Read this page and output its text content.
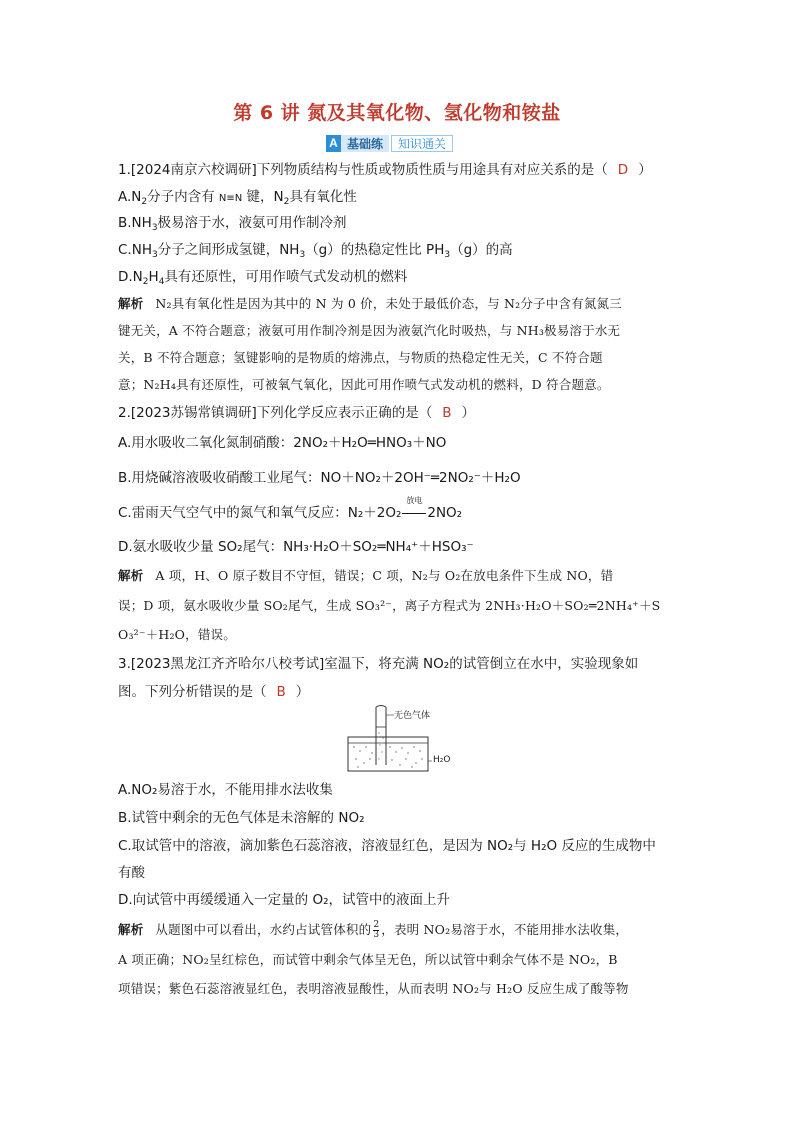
第 6 讲 氮及其氧化物、氢化物和铵盐
A 基础练	知识通关
1.[2024南京六校调研]下列物质结构与性质或物质性质与用途具有对应关系的是（ D ）
$A.N_2$分子内含有 N≡N 键，$N_2$具有氧化性
$B.NH_3$极易溶于水，液氨可用作制冷剂
$C.NH_3$分子之间形成氢键，$NH_3(g)$的热稳定性比 $PH_3(g)$的高
$D.N_2H_4$具有还原性，可用作喷气式发动机的燃料
解析 N₂具有氧化性是因为其中的 N 为 0 价，未处于最低价态，与 N₂分子中含有氮氮三
键无关，A 不符合题意；液氨可用作制冷剂是因为液氨汽化时吸热，与 NH₃极易溶于水无
关，B 不符合题意；氢键影响的是物质的熔沸点，与物质的热稳定性无关，C 不符合题
意；N₂H₄具有还原性，可被氧气氧化，因此可用作喷气式发动机的燃料，D 符合题意。
2.[2023苏锡常镇调研]下列化学反应表示正确的是（ B ）
A.用水吸收二氧化氮制硝酸：2NO₂＋H₂O═HNO₃＋NO
B.用烧碱溶液吸收硝酸工业尾气：NO＋NO₂＋2OH⁻═2NO₂⁻＋H₂O
C.雷雨天气空气中的氮气和氧气反应：N₂＋2O₂
放电
2NO₂
D.氨水吸收少量 SO₂尾气：NH₃·H₂O＋SO₂═NH₄⁺＋HSO₃⁻
解析 A 项，H、O 原子数目不守恒，错误；C 项，N₂与 O₂在放电条件下生成 NO，错
误；D 项，氨水吸收少量 SO₂尾气，生成 SO₃²⁻，离子方程式为 2NH₃·H₂O＋SO₂═2NH₄⁺＋S
O₃²⁻＋H₂O，错误。
3.[2023黑龙江齐齐哈尔八校考试]室温下，将充满 NO₂的试管倒立在水中，实验现象如
图。下列分析错误的是（ B ）
无色气体
H₂O
A.NO₂易溶于水，不能用排水法收集
B.试管中剩余的无色气体是未溶解的 NO₂
C.取试管中的溶液，滴加紫色石蕊溶液，溶液显红色，是因为 NO₂与 H₂O 反应的生成物中
有酸
D.向试管中再缓缓通入一定量的 O₂，试管中的液面上升
解析 从题图中可以看出，水约占试管体积的 $\frac{2}{3}$ ，表明 NO₂易溶于水，不能用排水法收集，
A 项正确；NO₂呈红棕色，而试管中剩余气体呈无色，所以试管中剩余气体不是 NO₂，B
项错误；紫色石蕊溶液显红色，表明溶液显酸性，从而表明 NO₂与 H₂O 反应生成了酸等物
